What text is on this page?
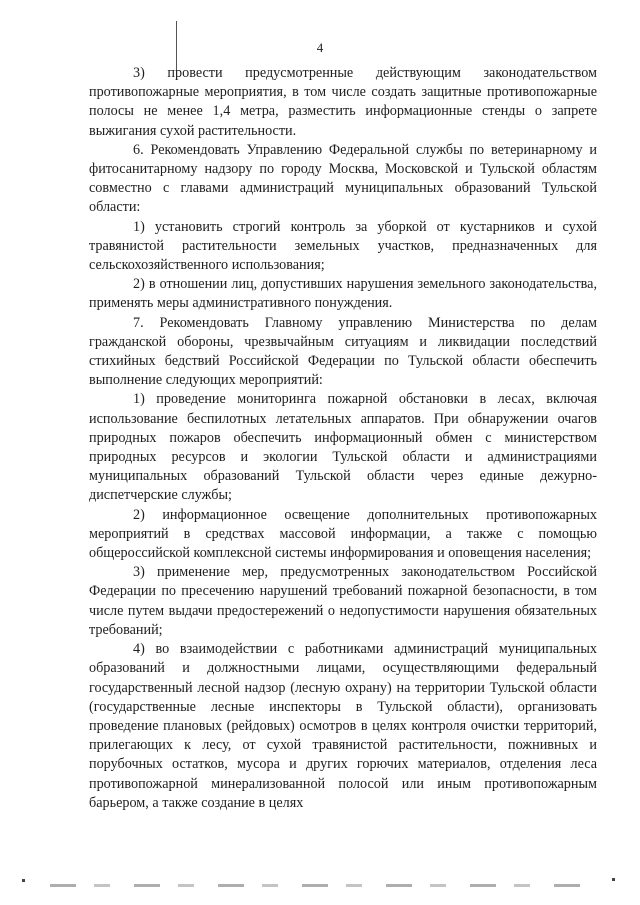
4

3) провести предусмотренные действующим законодательством противопожарные мероприятия, в том числе создать защитные противопожарные полосы не менее 1,4 метра, разместить информационные стенды о запрете выжигания сухой растительности.

6. Рекомендовать Управлению Федеральной службы по ветеринарному и фитосанитарному надзору по городу Москва, Московской и Тульской областям совместно с главами администраций муниципальных образований Тульской области:

1) установить строгий контроль за уборкой от кустарников и сухой травянистой растительности земельных участков, предназначенных для сельскохозяйственного использования;

2) в отношении лиц, допустивших нарушения земельного законодательства, применять меры административного понуждения.

7. Рекомендовать Главному управлению Министерства по делам гражданской обороны, чрезвычайным ситуациям и ликвидации последствий стихийных бедствий Российской Федерации по Тульской области обеспечить выполнение следующих мероприятий:

1) проведение мониторинга пожарной обстановки в лесах, включая использование беспилотных летательных аппаратов. При обнаружении очагов природных пожаров обеспечить информационный обмен с министерством природных ресурсов и экологии Тульской области и администрациями муниципальных образований Тульской области через единые дежурно-диспетчерские службы;

2) информационное освещение дополнительных противопожарных мероприятий в средствах массовой информации, а также с помощью общероссийской комплексной системы информирования и оповещения населения;

3) применение мер, предусмотренных законодательством Российской Федерации по пресечению нарушений требований пожарной безопасности, в том числе путем выдачи предостережений о недопустимости нарушения обязательных требований;

4) во взаимодействии с работниками администраций муниципальных образований и должностными лицами, осуществляющими федеральный государственный лесной надзор (лесную охрану) на территории Тульской области (государственные лесные инспекторы в Тульской области), организовать проведение плановых (рейдовых) осмотров в целях контроля очистки территорий, прилегающих к лесу, от сухой травянистой растительности, пожнивных и порубочных остатков, мусора и других горючих материалов, отделения леса противопожарной минерализованной полосой или иным противопожарным барьером, а также создание в целях
